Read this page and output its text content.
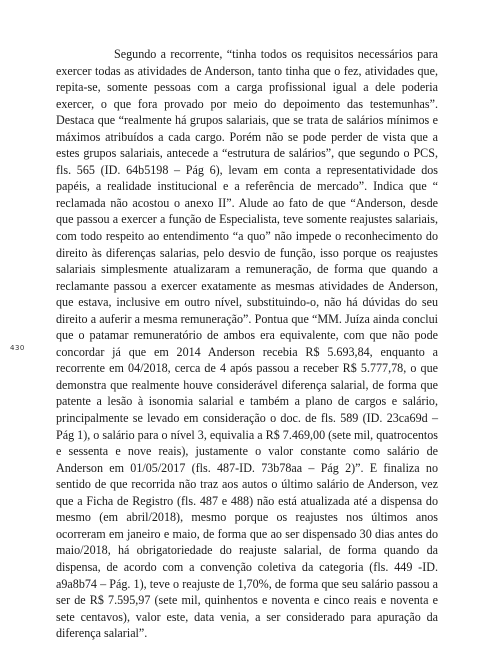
430

Segundo a recorrente, “tinha todos os requisitos necessários para exercer todas as atividades de Anderson, tanto tinha que o fez, atividades que, repita-se, somente pessoas com a carga profissional igual a dele poderia exercer, o que fora provado por meio do depoimento das testemunhas”. Destaca que “realmente há grupos salariais, que se trata de salários mínimos e máximos atribuídos a cada cargo. Porém não se pode perder de vista que a estes grupos salariais, antecede a “estrutura de salários”, que segundo o PCS, fls. 565 (ID. 64b5198 – Pág 6), levam em conta a representatividade dos papéis, a realidade institucional e a referência de mercado”. Indica que “ reclamada não acostou o anexo II”. Alude ao fato de que “Anderson, desde que passou a exercer a função de Especialista, teve somente reajustes salariais, com todo respeito ao entendimento “a quo” não impede o reconhecimento do direito às diferenças salarias, pelo desvio de função, isso porque os reajustes salariais simplesmente atualizaram a remuneração, de forma que quando a reclamante passou a exercer exatamente as mesmas atividades de Anderson, que estava, inclusive em outro nível, substituindo-o, não há dúvidas do seu direito a auferir a mesma remuneração”. Pontua que “MM. Juíza ainda conclui que o patamar remuneratório de ambos era equivalente, com que não pode concordar já que em 2014 Anderson recebia R$ 5.693,84, enquanto a recorrente em 04/2018, cerca de 4 após passou a receber R$ 5.777,78, o que demonstra que realmente houve considerável diferença salarial, de forma que patente a lesão à isonomia salarial e também a plano de cargos e salário, principalmente se levado em consideração o doc. de fls. 589 (ID. 23ca69d – Pág 1), o salário para o nível 3, equivalia a R$ 7.469,00 (sete mil, quatrocentos e sessenta e nove reais), justamente o valor constante como salário de Anderson em 01/05/2017 (fls. 487-ID. 73b78aa – Pág 2)”. E finaliza no sentido de que recorrida não traz aos autos o último salário de Anderson, vez que a Ficha de Registro (fls. 487 e 488) não está atualizada até a dispensa do mesmo (em abril/2018), mesmo porque os reajustes nos últimos anos ocorreram em janeiro e maio, de forma que ao ser dispensado 30 dias antes do maio/2018, há obrigatoriedade do reajuste salarial, de forma quando da dispensa, de acordo com a convenção coletiva da categoria (fls. 449 -ID. a9a8b74 – Pág. 1), teve o reajuste de 1,70%, de forma que seu salário passou a ser de R$ 7.595,97 (sete mil, quinhentos e noventa e cinco reais e noventa e sete centavos), valor este, data venia, a ser considerado para apuração da diferença salarial”.
